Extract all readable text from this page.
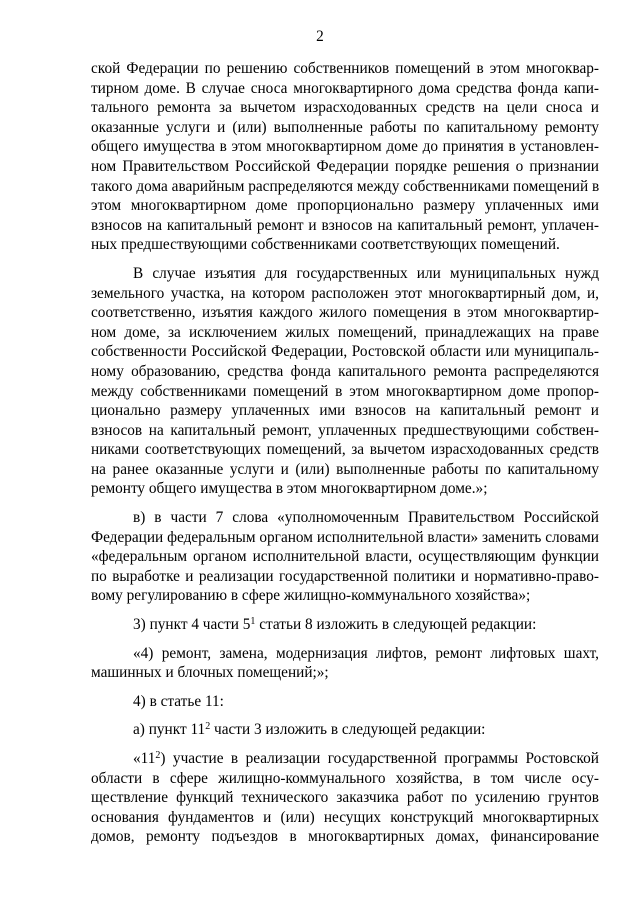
2
ской Федерации по решению собственников помещений в этом многоквар-
тирном доме. В случае сноса многоквартирного дома средства фонда капи-
тального ремонта за вычетом израсходованных средств на цели сноса и
оказанные услуги и (или) выполненные работы по капитальному ремонту
общего имущества в этом многоквартирном доме до принятия в установлен-
ном Правительством Российской Федерации порядке решения о признании
такого дома аварийным распределяются между собственниками помещений в
этом многоквартирном доме пропорционально размеру уплаченных ими
взносов на капитальный ремонт и взносов на капитальный ремонт, уплачен-
ных предшествующими собственниками соответствующих помещений.
В случае изъятия для государственных или муниципальных нужд
земельного участка, на котором расположен этот многоквартирный дом, и,
соответственно, изъятия каждого жилого помещения в этом многоквартир-
ном доме, за исключением жилых помещений, принадлежащих на праве
собственности Российской Федерации, Ростовской области или муниципаль-
ному образованию, средства фонда капитального ремонта распределяются
между собственниками помещений в этом многоквартирном доме пропор-
ционально размеру уплаченных ими взносов на капитальный ремонт и
взносов на капитальный ремонт, уплаченных предшествующими собствен-
никами соответствующих помещений, за вычетом израсходованных средств
на ранее оказанные услуги и (или) выполненные работы по капитальному
ремонту общего имущества в этом многоквартирном доме.»;
в) в части 7 слова «уполномоченным Правительством Российской
Федерации федеральным органом исполнительной власти» заменить словами
«федеральным органом исполнительной власти, осуществляющим функции
по выработке и реализации государственной политики и нормативно-право-
вому регулированию в сфере жилищно-коммунального хозяйства»;
3) пункт 4 части $5^1$ статьи 8 изложить в следующей редакции:
«4) ремонт, замена, модернизация лифтов, ремонт лифтовых шахт,
машинных и блочных помещений;»;
4) в статье 11:
а) пункт $11^2$ части 3 изложить в следующей редакции:
«$11^2$) участие в реализации государственной программы Ростовской
области в сфере жилищно-коммунального хозяйства, в том числе осу-
ществление функций технического заказчика работ по усилению грунтов
основания фундаментов и (или) несущих конструкций многоквартирных
домов, ремонту подъездов в многоквартирных домах, финансирование
